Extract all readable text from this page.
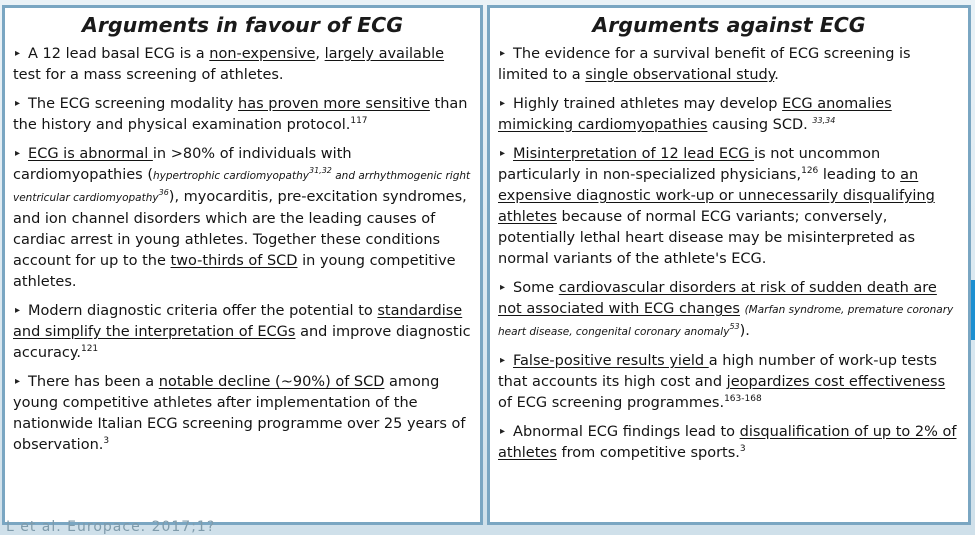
Arguments in favour of ECG
▸ A 12 lead basal ECG is a non-expensive, largely available test for a mass screening of athletes.
▸ The ECG screening modality has proven more sensitive than the history and physical examination protocol.$^{117}$
▸ ECG is abnormal in >80% of individuals with cardiomyopathies (hypertrophic cardiomyopathy$^{31,32}$ and arrhythmogenic right ventricular cardiomyopathy$^{36}$), myocarditis, pre-excitation syndromes, and ion channel disorders which are the leading causes of cardiac arrest in young athletes. Together these conditions account for up to the two-thirds of SCD in young competitive athletes.
▸ Modern diagnostic criteria offer the potential to standardise and simplify the interpretation of ECGs and improve diagnostic accuracy.$^{121}$
▸ There has been a notable decline (~90%) of SCD among young competitive athletes after implementation of the nationwide Italian ECG screening programme over 25 years of observation.$^3$
Arguments against ECG
▸ The evidence for a survival benefit of ECG screening is limited to a single observational study.
▸ Highly trained athletes may develop ECG anomalies mimicking cardiomyopathies causing SCD. $^{33,34}$
▸ Misinterpretation of 12 lead ECG is not uncommon particularly in non-specialized physicians,$^{126}$ leading to an expensive diagnostic work-up or unnecessarily disqualifying athletes because of normal ECG variants; conversely, potentially lethal heart disease may be misinterpreted as normal variants of the athlete's ECG.
▸ Some cardiovascular disorders at risk of sudden death are not associated with ECG changes (Marfan syndrome, premature coronary heart disease, congenital coronary anomaly$^{53}$).
▸ False-positive results yield a high number of work-up tests that accounts its high cost and jeopardizes cost effectiveness of ECG screening programmes.$^{163-168}$
▸ Abnormal ECG findings lead to disqualification of up to 2% of athletes from competitive sports.$^3$
L et al. Europace. 2017;1?
